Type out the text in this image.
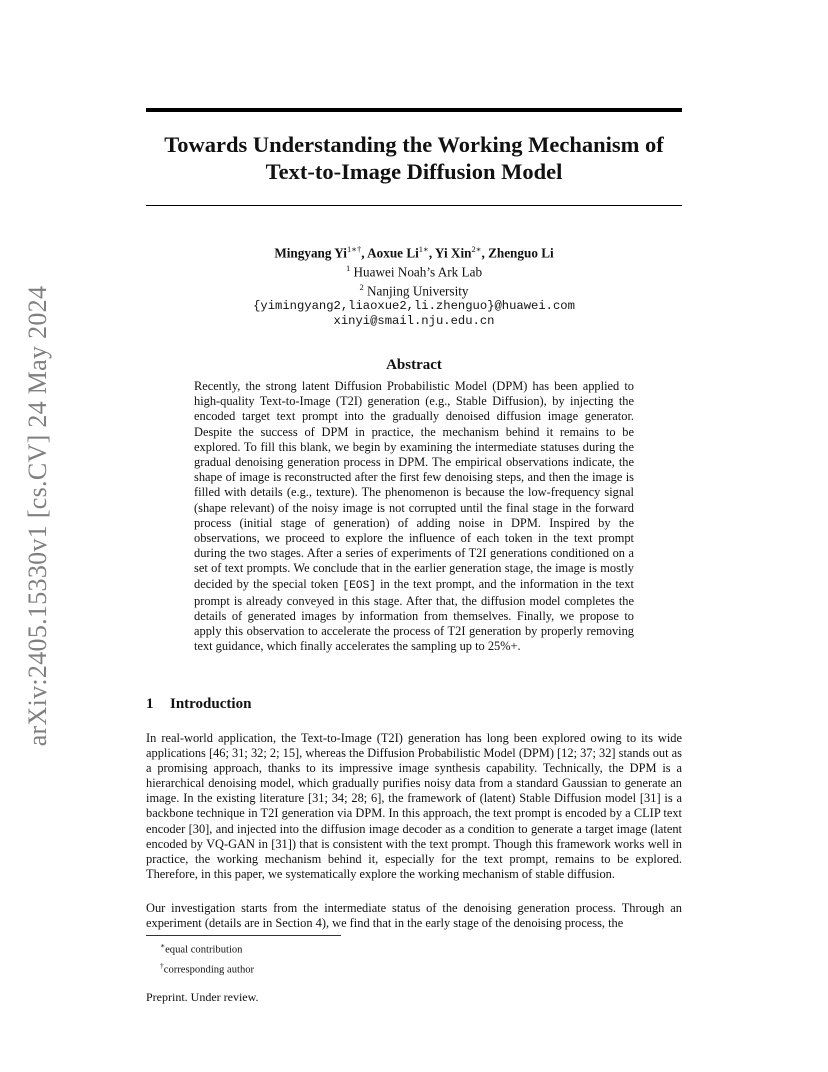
arXiv:2405.15330v1 [cs.CV] 24 May 2024
Towards Understanding the Working Mechanism of
Text-to-Image Diffusion Model
Mingyang $Yi^{1∗\dagger}$, Aoxue $Li^{1∗}$, Yi Xin$^{2∗}$, Zhenguo Li
$^1$ Huawei Noah’s Ark Lab
$^2$ Nanjing University
{yimingyang2,liaoxue2,li.zhenguo}@huawei.com
xinyi@smail.nju.edu.cn
Abstract
Recently, the strong latent Diffusion Probabilistic Model (DPM) has been applied to high-quality Text-to-Image (T2I) generation (e.g., Stable Diffusion), by injecting the encoded target text prompt into the gradually denoised diffusion image generator. Despite the success of DPM in practice, the mechanism behind it remains to be explored. To fill this blank, we begin by examining the intermediate statuses during the gradual denoising generation process in DPM. The empirical observations indicate, the shape of image is reconstructed after the first few denoising steps, and then the image is filled with details (e.g., texture). The phenomenon is because the low-frequency signal (shape relevant) of the noisy image is not corrupted until the final stage in the forward process (initial stage of generation) of adding noise in DPM. Inspired by the observations, we proceed to explore the influence of each token in the text prompt during the two stages. After a series of experiments of T2I generations conditioned on a set of text prompts. We conclude that in the earlier generation stage, the image is mostly decided by the special token [EOS] in the text prompt, and the information in the text prompt is already conveyed in this stage. After that, the diffusion model completes the details of generated images by information from themselves. Finally, we propose to apply this observation to accelerate the process of T2I generation by properly removing text guidance, which finally accelerates the sampling up to 25%+.
1 Introduction
In real-world application, the Text-to-Image (T2I) generation has long been explored owing to its wide applications [46; 31; 32; 2; 15], whereas the Diffusion Probabilistic Model (DPM) [12; 37; 32] stands out as a promising approach, thanks to its impressive image synthesis capability. Technically, the DPM is a hierarchical denoising model, which gradually purifies noisy data from a standard Gaussian to generate an image. In the existing literature [31; 34; 28; 6], the framework of (latent) Stable Diffusion model [31] is a backbone technique in T2I generation via DPM. In this approach, the text prompt is encoded by a CLIP text encoder [30], and injected into the diffusion image decoder as a condition to generate a target image (latent encoded by VQ-GAN in [31]) that is consistent with the text prompt. Though this framework works well in practice, the working mechanism behind it, especially for the text prompt, remains to be explored. Therefore, in this paper, we systematically explore the working mechanism of stable diffusion.
Our investigation starts from the intermediate status of the denoising generation process. Through an experiment (details are in Section 4), we find that in the early stage of the denoising process, the
∗equal contribution
†corresponding author
Preprint. Under review.
